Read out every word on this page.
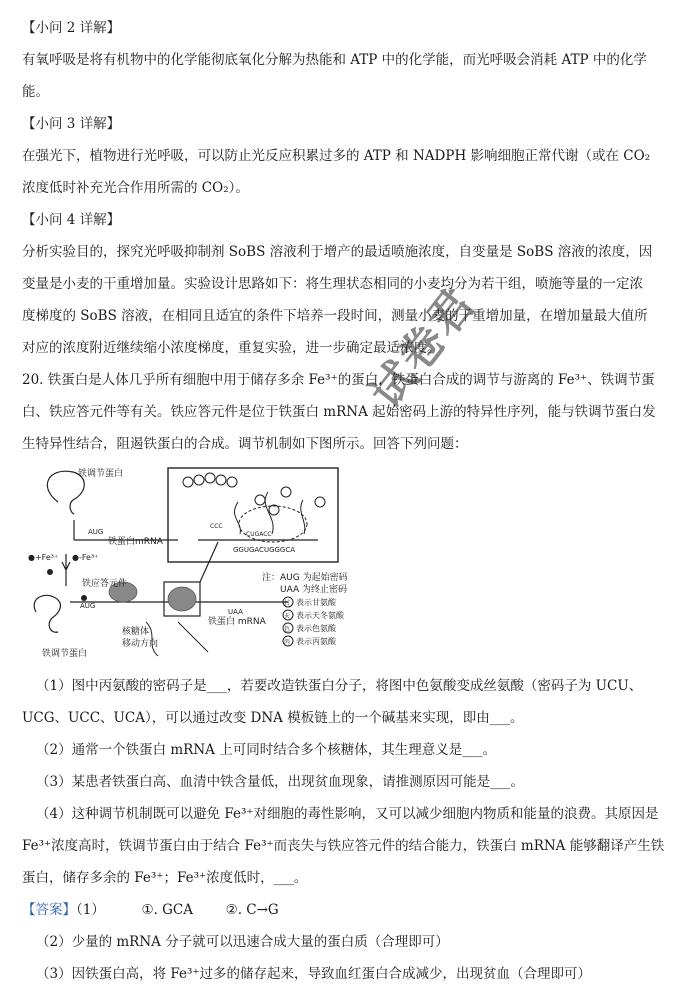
【小问 2 详解】
有氧呼吸是将有机物中的化学能彻底氧化分解为热能和 ATP 中的化学能，而光呼吸会消耗 ATP 中的化学
能。
【小问 3 详解】
在强光下，植物进行光呼吸，可以防止光反应积累过多的 ATP 和 NADPH 影响细胞正常代谢（或在 CO₂
浓度低时补充光合作用所需的 CO₂）。
【小问 4 详解】
分析实验目的，探究光呼吸抑制剂 SoBS 溶液利于增产的最适喷施浓度，自变量是 SoBS 溶液的浓度，因
变量是小麦的干重增加量。实验设计思路如下：将生理状态相同的小麦均分为若干组，喷施等量的一定浓
度梯度的 SoBS 溶液，在相同且适宜的条件下培养一段时间，测量小麦的干重增加量，在增加量最大值所
对应的浓度附近继续缩小浓度梯度，重复实验，进一步确定最适浓度。
20. 铁蛋白是人体几乎所有细胞中用于储存多余 Fe³⁺的蛋白，铁蛋白合成的调节与游离的 Fe³⁺、铁调节蛋
白、铁应答元件等有关。铁应答元件是位于铁蛋白 mRNA 起始密码上游的特异性序列，能与铁调节蛋白发
生特异性结合，阻遏铁蛋白的合成。调节机制如下图所示。回答下列问题：
试卷君
铁调节蛋白
AUG
铁蛋白mRNA
●+Fe³⁺ ●-Fe³⁺
铁应答元件
AUG
UAA
核糖体
移动方向
铁蛋白 mRNA
铁调节蛋白
CUGACC
GGUGACUGGGCA
CCC
注：AUG 为起始密码
UAA 为终止密码
甘 表示甘氨酸
天 表示天冬氨酸
色 表示色氨酸
丙 表示丙氨酸
（1）图中丙氨酸的密码子是___，若要改造铁蛋白分子，将图中色氨酸变成丝氨酸（密码子为 UCU、
UCG、UCC、UCA），可以通过改变 DNA 模板链上的一个碱基来实现，即由___。
（2）通常一个铁蛋白 mRNA 上可同时结合多个核糖体，其生理意义是___。
（3）某患者铁蛋白高、血清中铁含量低，出现贫血现象，请推测原因可能是___。
（4）这种调节机制既可以避免 Fe³⁺对细胞的毒性影响，又可以减少细胞内物质和能量的浪费。其原因是
Fe³⁺浓度高时，铁调节蛋白由于结合 Fe³⁺而丧失与铁应答元件的结合能力，铁蛋白 mRNA 能够翻译产生铁
蛋白，储存多余的 Fe³⁺；Fe³⁺浓度低时，___。
【答案】（1）	①. GCA ②. C→G
（2）少量的 mRNA 分子就可以迅速合成大量的蛋白质（合理即可）
（3）因铁蛋白高，将 Fe³⁺过多的储存起来，导致血红蛋白合成减少，出现贫血（合理即可）
